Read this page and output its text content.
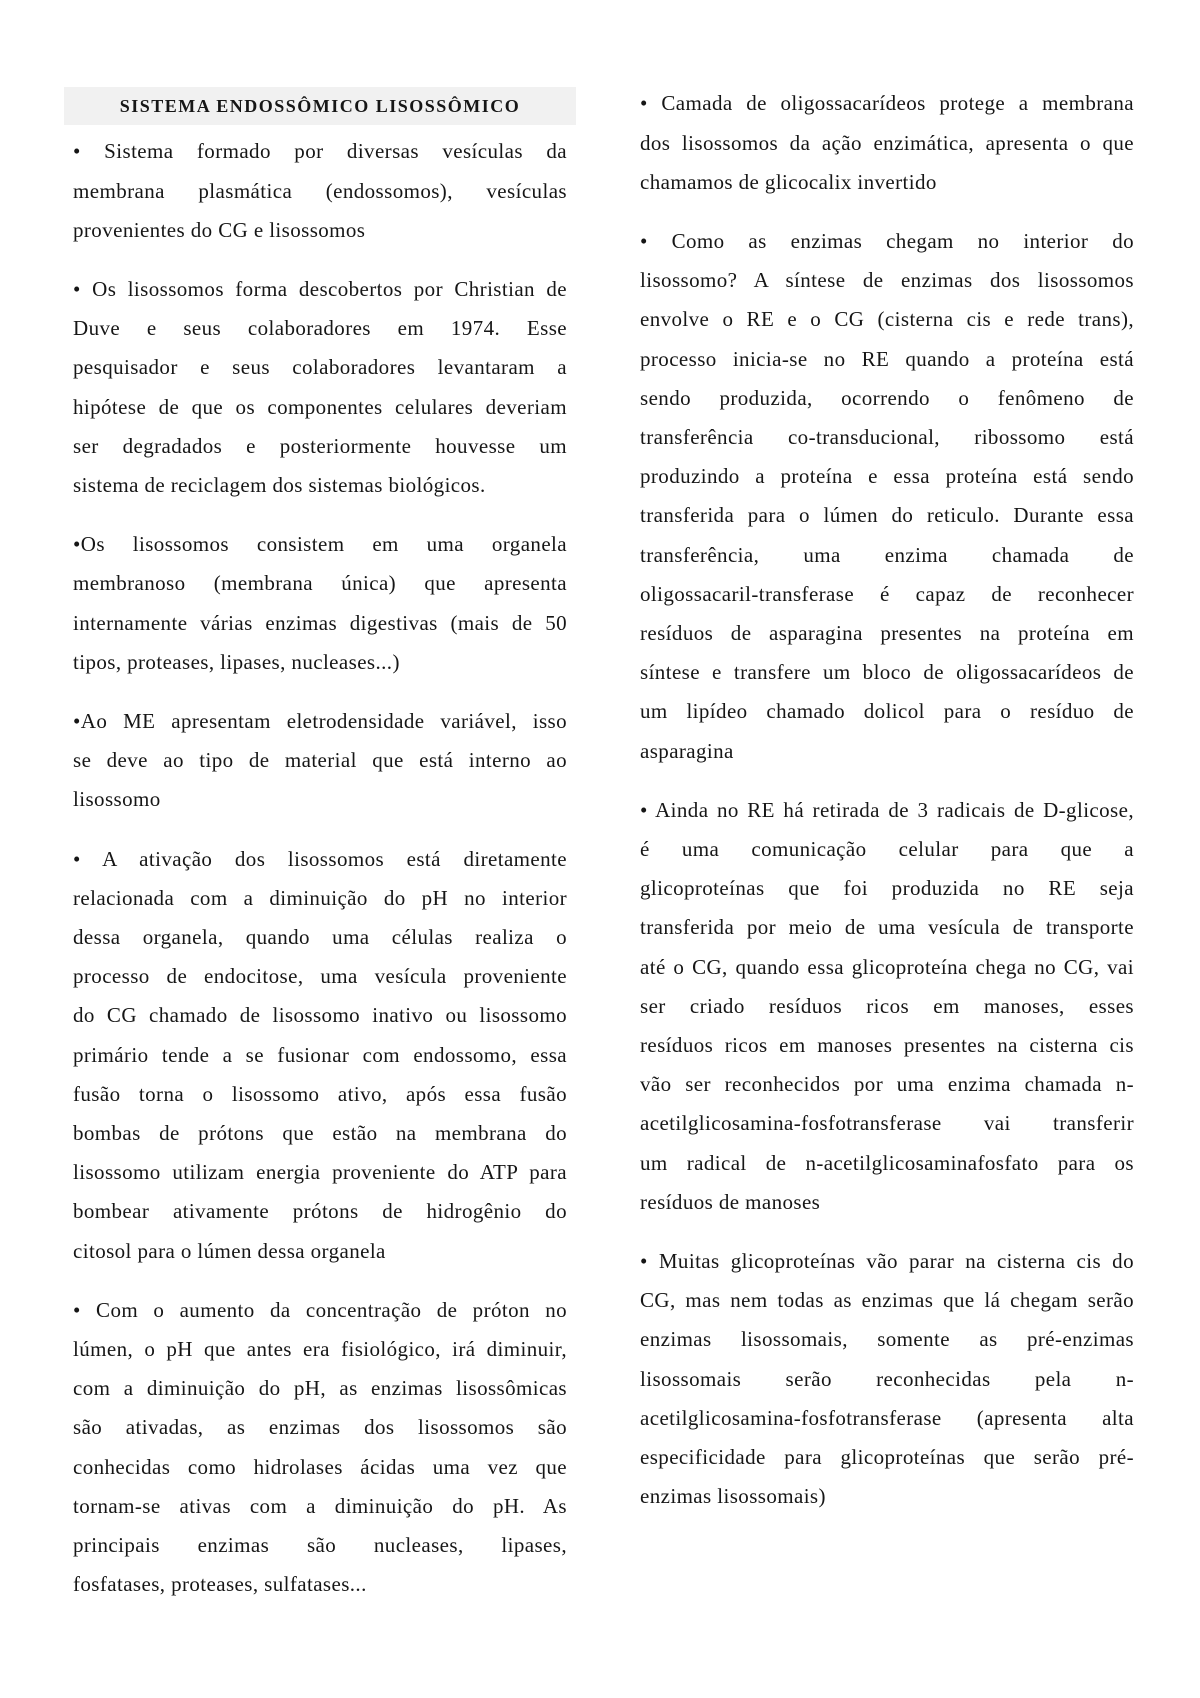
SISTEMA ENDOSSÔMICO LISOSSÔMICO
• Sistema formado por diversas vesículas da
membrana plasmática (endossomos), vesículas
provenientes do CG e lisossomos
• Os lisossomos forma descobertos por Christian de
Duve e seus colaboradores em 1974. Esse
pesquisador e seus colaboradores levantaram a
hipótese de que os componentes celulares deveriam
ser degradados e posteriormente houvesse um
sistema de reciclagem dos sistemas biológicos.
•Os lisossomos consistem em uma organela
membranoso (membrana única) que apresenta
internamente várias enzimas digestivas (mais de 50
tipos, proteases, lipases, nucleases...)
•Ao ME apresentam eletrodensidade variável, isso
se deve ao tipo de material que está interno ao
lisossomo
• A ativação dos lisossomos está diretamente
relacionada com a diminuição do pH no interior
dessa organela, quando uma células realiza o
processo de endocitose, uma vesícula proveniente
do CG chamado de lisossomo inativo ou lisossomo
primário tende a se fusionar com endossomo, essa
fusão torna o lisossomo ativo, após essa fusão
bombas de prótons que estão na membrana do
lisossomo utilizam energia proveniente do ATP para
bombear ativamente prótons de hidrogênio do
citosol para o lúmen dessa organela
• Com o aumento da concentração de próton no
lúmen, o pH que antes era fisiológico, irá diminuir,
com a diminuição do pH, as enzimas lisossômicas
são ativadas, as enzimas dos lisossomos são
conhecidas como hidrolases ácidas uma vez que
tornam-se ativas com a diminuição do pH. As
principais enzimas são nucleases, lipases,
fosfatases, proteases, sulfatases...
• Camada de oligossacarídeos protege a membrana
dos lisossomos da ação enzimática, apresenta o que
chamamos de glicocalix invertido
• Como as enzimas chegam no interior do
lisossomo? A síntese de enzimas dos lisossomos
envolve o RE e o CG (cisterna cis e rede trans),
processo inicia-se no RE quando a proteína está
sendo produzida, ocorrendo o fenômeno de
transferência co-transducional, ribossomo está
produzindo a proteína e essa proteína está sendo
transferida para o lúmen do reticulo. Durante essa
transferência, uma enzima chamada de
oligossacaril-transferase é capaz de reconhecer
resíduos de asparagina presentes na proteína em
síntese e transfere um bloco de oligossacarídeos de
um lipídeo chamado dolicol para o resíduo de
asparagina
• Ainda no RE há retirada de 3 radicais de D-glicose,
é uma comunicação celular para que a
glicoproteínas que foi produzida no RE seja
transferida por meio de uma vesícula de transporte
até o CG, quando essa glicoproteína chega no CG, vai
ser criado resíduos ricos em manoses, esses
resíduos ricos em manoses presentes na cisterna cis
vão ser reconhecidos por uma enzima chamada n-
acetilglicosamina-fosfotransferase vai transferir
um radical de n-acetilglicosaminafosfato para os
resíduos de manoses
• Muitas glicoproteínas vão parar na cisterna cis do
CG, mas nem todas as enzimas que lá chegam serão
enzimas lisossomais, somente as pré-enzimas
lisossomais serão reconhecidas pela n-
acetilglicosamina-fosfotransferase (apresenta alta
especificidade para glicoproteínas que serão pré-
enzimas lisossomais)
